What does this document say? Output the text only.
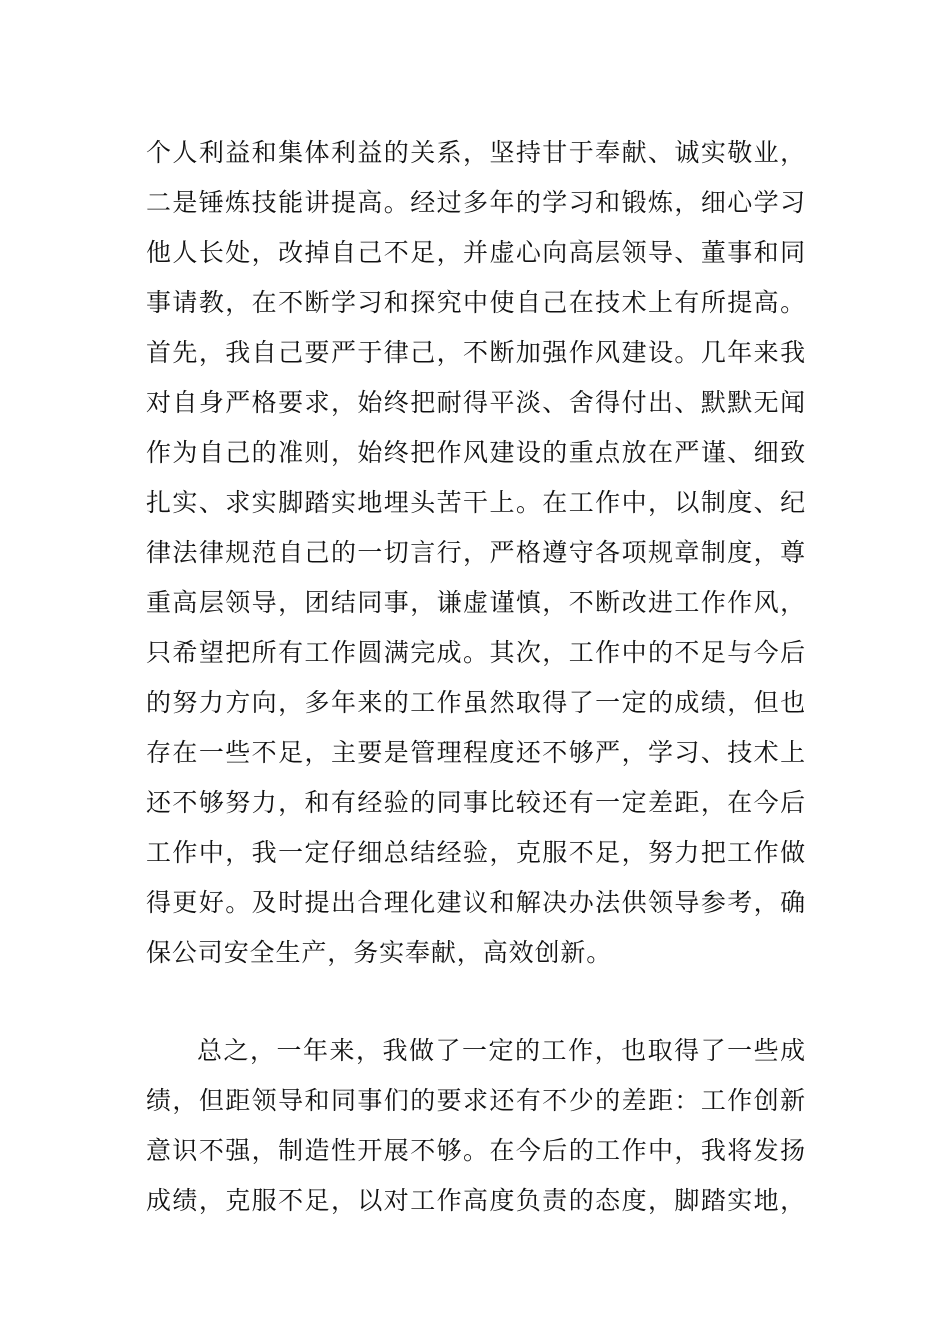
个人利益和集体利益的关系，坚持甘于奉献、诚实敬业，
二是锤炼技能讲提高。经过多年的学习和锻炼，细心学习
他人长处，改掉自己不足，并虚心向高层领导、董事和同
事请教，在不断学习和探究中使自己在技术上有所提高。
首先，我自己要严于律己，不断加强作风建设。几年来我
对自身严格要求，始终把耐得平淡、舍得付出、默默无闻
作为自己的准则，始终把作风建设的重点放在严谨、细致
扎实、求实脚踏实地埋头苦干上。在工作中，以制度、纪
律法律规范自己的一切言行，严格遵守各项规章制度，尊
重高层领导，团结同事，谦虚谨慎，不断改进工作作风，
只希望把所有工作圆满完成。其次，工作中的不足与今后
的努力方向，多年来的工作虽然取得了一定的成绩，但也
存在一些不足，主要是管理程度还不够严，学习、技术上
还不够努力，和有经验的同事比较还有一定差距，在今后
工作中，我一定仔细总结经验，克服不足，努力把工作做
得更好。及时提出合理化建议和解决办法供领导参考，确
保公司安全生产，务实奉献，高效创新。
总之，一年来，我做了一定的工作，也取得了一些成
绩，但距领导和同事们的要求还有不少的差距：工作创新
意识不强，制造性开展不够。在今后的工作中，我将发扬
成绩，克服不足，以对工作高度负责的态度，脚踏实地，
